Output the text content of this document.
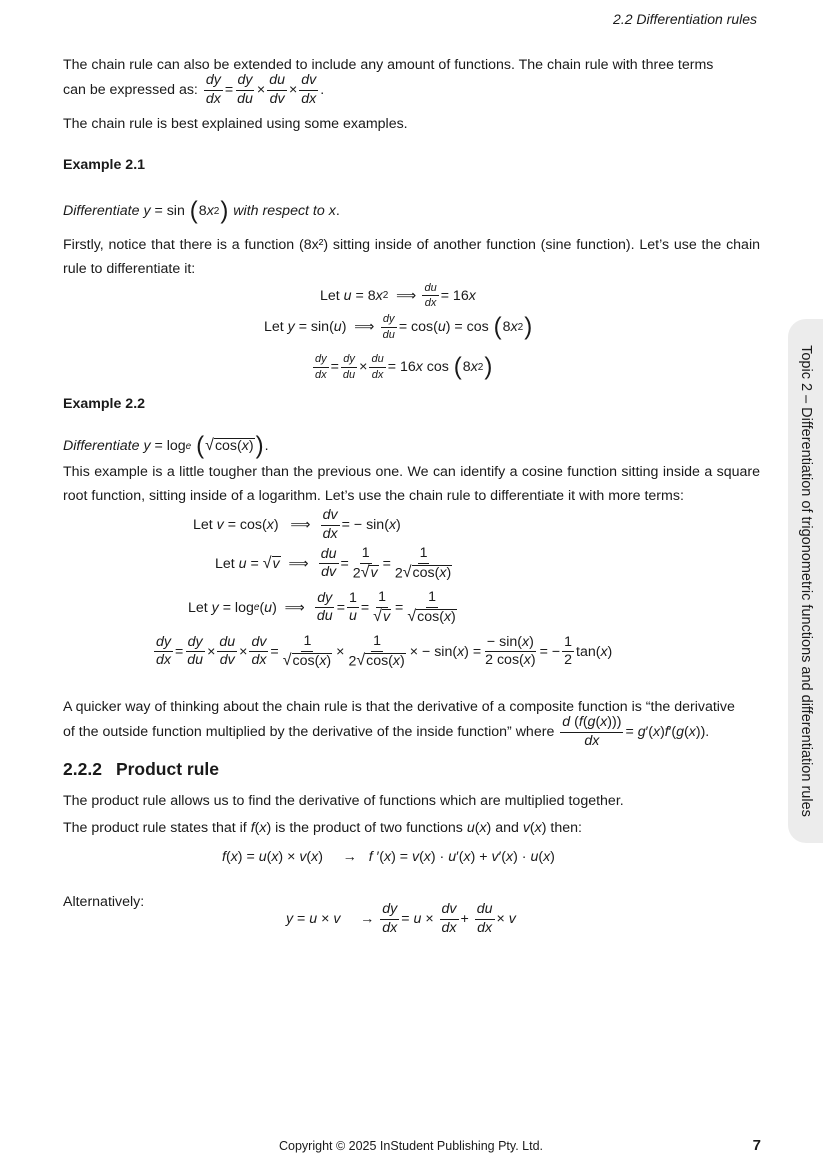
2.2 Differentiation rules
The chain rule can also be extended to include any amount of functions. The chain rule with three terms
can be expressed as:
$\frac{dy}{dx} = \frac{dy}{du} \times \frac{du}{dv} \times \frac{dv}{dx}$ .
The chain rule is best explained using some examples.
Example 2.1
Differentiate
y = sin ( 8 x 2 )
with respect to
x .
Firstly, notice that there is a function (8x²) sitting inside of another function (sine function). Let’s use the chain rule to differentiate it:
Let u = 8 x 2 ⟹ $\frac{du}{dx} = 16$ x
Let y = sin( u )  ⟹ $\frac{dy}{du} = \cos$( u ) = cos ( 8 x 2 )
$\frac{dy}{dx} = \frac{dy}{du} \times \frac{du}{dx} = 16$ x cos ( 8 x 2 )
Example 2.2
Differentiate
y = log e
( √ cos(x) ) .
This example is a little tougher than the previous one. We can identify a cosine function sitting inside a square root function, sitting inside of a logarithm. Let’s use the chain rule to differentiate it with more terms:
Let v = cos( x )   ⟹ $\frac{dv}{dx}$ = − sin( x )
Let u = √ v ⟹ $\frac{du}{dv} = \frac{1}{2 √ v} = \frac{1}{2 √ \cos(x)}$
Let y = log e ( u )  ⟹ $\frac{dy}{du} = \frac{1}{u} = \frac{1}{√ v} = \frac{1}{√ \cos(x)}$
$\frac{dy}{dx} = \frac{dy}{du} \times \frac{du}{dv} \times \frac{dv}{dx} = \frac{1}{√ \cos(x)} \times \frac{1}{2 √ \cos(x)}$ × − sin( x ) = $\frac{- \sin(x)}{2 \cos(x)}$ = − $\frac{1}{2} \tan$( x )
A quicker way of thinking about the chain rule is that the derivative of a composite function is “the derivative
of the outside function multiplied by the derivative of the inside function” where
$\frac{d (f(g(x)))}{dx} = g$ ′( x ) f ′( g ( x )).
2.2.2 Product rule
The product rule allows us to find the derivative of functions which are multiplied together.
The product rule states that if
f ( x ) is the product of two functions
u ( x ) and
v ( x ) then:
f ( x ) = u ( x ) × v ( x )     → f ′( x ) = v ( x ) · u ′( x ) + v ′( x ) · u ( x )
Alternatively:
$y = u \times v \to \frac{dy}{dx} = u \times \frac{dv}{dx} + \frac{du}{dx} \times v$
Topic 2 – Differentiation of trigonometric functions and differentiation rules
Copyright © 2025 InStudent Publishing Pty. Ltd.	7
